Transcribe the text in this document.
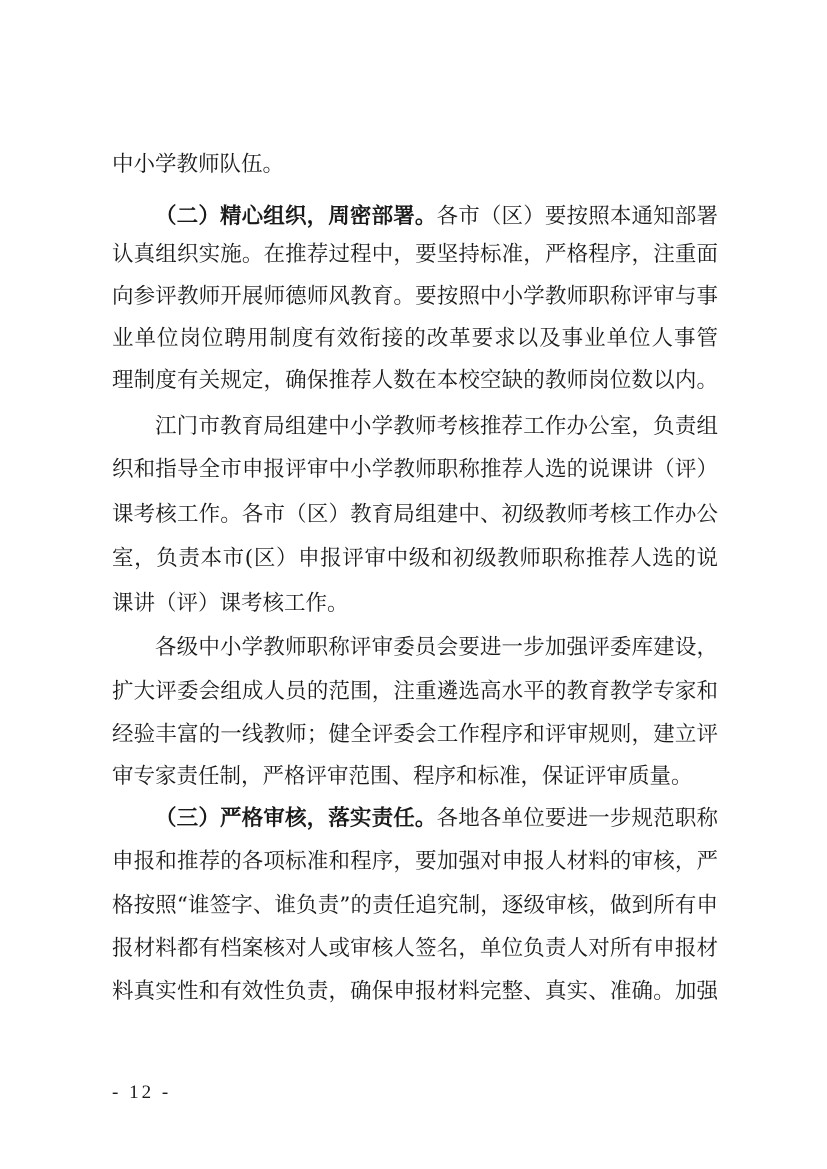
中小学教师队伍。
（二）精心组织，周密部署。各市（区）要按照本通知部署
认真组织实施。在推荐过程中，要坚持标准，严格程序，注重面
向参评教师开展师德师风教育。要按照中小学教师职称评审与事
业单位岗位聘用制度有效衔接的改革要求以及事业单位人事管
理制度有关规定，确保推荐人数在本校空缺的教师岗位数以内。
江门市教育局组建中小学教师考核推荐工作办公室，负责组
织和指导全市申报评审中小学教师职称推荐人选的说课讲（评）
课考核工作。各市（区）教育局组建中、初级教师考核工作办公
室，负责本市(区）申报评审中级和初级教师职称推荐人选的说
课讲（评）课考核工作。
各级中小学教师职称评审委员会要进一步加强评委库建设，
扩大评委会组成人员的范围，注重遴选高水平的教育教学专家和
经验丰富的一线教师；健全评委会工作程序和评审规则，建立评
审专家责任制，严格评审范围、程序和标准，保证评审质量。
（三）严格审核，落实责任。各地各单位要进一步规范职称
申报和推荐的各项标准和程序，要加强对申报人材料的审核，严
格按照“谁签字、谁负责”的责任追究制，逐级审核，做到所有申
报材料都有档案核对人或审核人签名，单位负责人对所有申报材
料真实性和有效性负责，确保申报材料完整、真实、准确。加强
- 12 -
